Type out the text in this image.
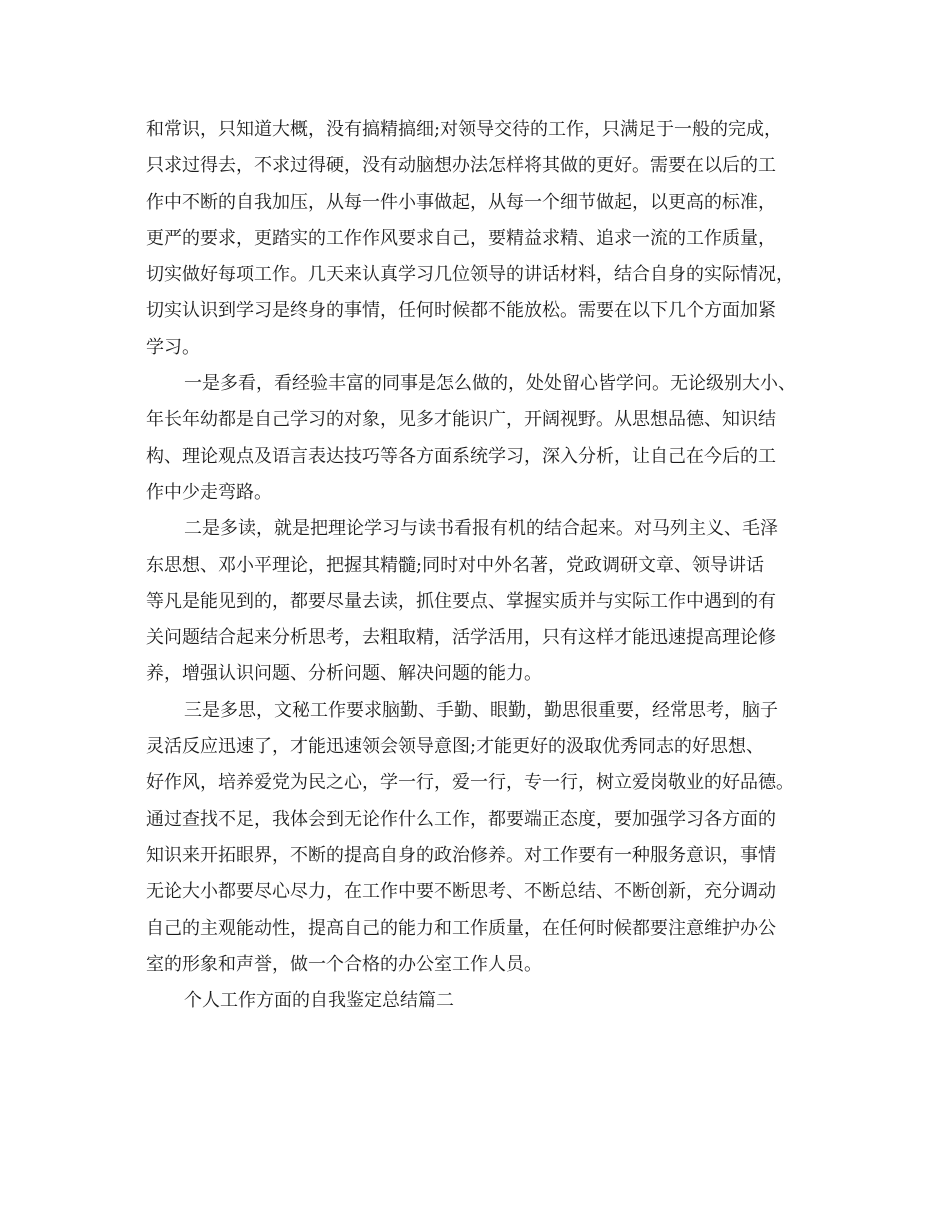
和常识，只知道大概，没有搞精搞细;对领导交待的工作，只满足于一般的完成，
只求过得去，不求过得硬，没有动脑想办法怎样将其做的更好。需要在以后的工
作中不断的自我加压，从每一件小事做起，从每一个细节做起，以更高的标准，
更严的要求，更踏实的工作作风要求自己，要精益求精、追求一流的工作质量，
切实做好每项工作。几天来认真学习几位领导的讲话材料，结合自身的实际情况，
切实认识到学习是终身的事情，任何时候都不能放松。需要在以下几个方面加紧
学习。
一是多看，看经验丰富的同事是怎么做的，处处留心皆学问。无论级别大小、
年长年幼都是自己学习的对象，见多才能识广，开阔视野。从思想品德、知识结
构、理论观点及语言表达技巧等各方面系统学习，深入分析，让自己在今后的工
作中少走弯路。
二是多读，就是把理论学习与读书看报有机的结合起来。对马列主义、毛泽
东思想、邓小平理论，把握其精髓;同时对中外名著，党政调研文章、领导讲话
等凡是能见到的，都要尽量去读，抓住要点、掌握实质并与实际工作中遇到的有
关问题结合起来分析思考，去粗取精，活学活用，只有这样才能迅速提高理论修
养，增强认识问题、分析问题、解决问题的能力。
三是多思，文秘工作要求脑勤、手勤、眼勤，勤思很重要，经常思考，脑子
灵活反应迅速了，才能迅速领会领导意图;才能更好的汲取优秀同志的好思想、
好作风，培养爱党为民之心，学一行，爱一行，专一行，树立爱岗敬业的好品德。
通过查找不足，我体会到无论作什么工作，都要端正态度，要加强学习各方面的
知识来开拓眼界，不断的提高自身的政治修养。对工作要有一种服务意识，事情
无论大小都要尽心尽力，在工作中要不断思考、不断总结、不断创新，充分调动
自己的主观能动性，提高自己的能力和工作质量，在任何时候都要注意维护办公
室的形象和声誉，做一个合格的办公室工作人员。
个人工作方面的自我鉴定总结篇二
